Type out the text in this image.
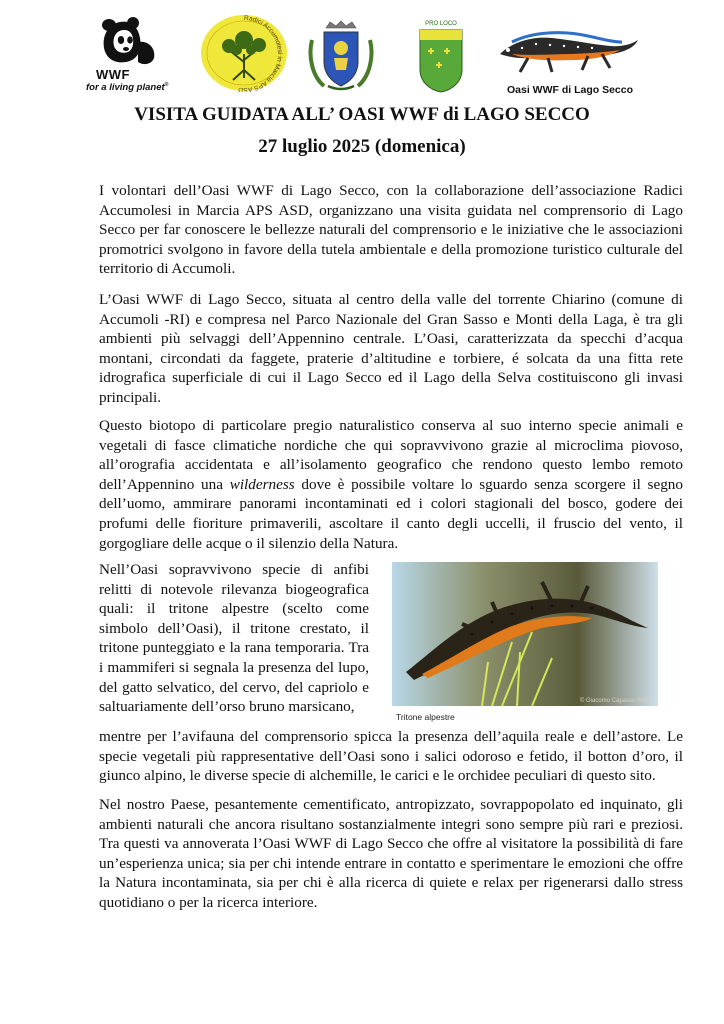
WWF
for a living planet®
Radici Accumolesi in Marcia APS ASD
PRO LOCO
Oasi WWF di Lago Secco
VISITA GUIDATA ALL’ OASI WWF di LAGO SECCO
27 luglio 2025 (domenica)

I volontari dell’Oasi WWF di Lago Secco, con la collaborazione dell’associazione Radici Accumolesi in Marcia APS ASD, organizzano una visita guidata nel comprensorio di Lago Secco per far conoscere le bellezze naturali del comprensorio e le iniziative che le associazioni promotrici svolgono in favore della tutela ambientale e della promozione turistico culturale del territorio di Accumoli.

L’Oasi WWF di Lago Secco, situata al centro della valle del torrente Chiarino (comune di Accumoli -RI) e compresa nel Parco Nazionale del Gran Sasso e Monti della Laga, è tra gli ambienti più selvaggi dell’Appennino centrale. L’Oasi, caratterizzata da specchi d’acqua montani, circondati da faggete, praterie d’altitudine e torbiere, é solcata da una fitta rete idrografica superficiale di cui il Lago Secco ed il Lago della Selva costituiscono gli invasi principali.

Questo biotopo di particolare pregio naturalistico conserva al suo interno specie animali e vegetali di fasce climatiche nordiche che qui sopravvivono grazie al microclima piovoso, all’orografia accidentata e all’isolamento geografico che rendono questo lembo remoto dell’Appennino una wilderness dove è possibile voltare lo sguardo senza scorgere il segno dell’uomo, ammirare panorami incontaminati ed i colori stagionali del bosco, godere dei profumi delle fioriture primaverili, ascoltare il canto degli uccelli, il fruscio del vento, il gorgogliare delle acque o il silenzio della Natura.

Nell’Oasi sopravvivono specie di anfibi relitti di notevole rilevanza biogeografica quali: il tritone alpestre (scelto come simbolo dell’Oasi), il tritone crestato, il tritone punteggiato e la rana temporaria. Tra i mammiferi si segnala la presenza del lupo, del gatto selvatico, del cervo, del capriolo e saltuariamente dell’orso bruno marsicano,	© Giacomo Capasso WWF
Tritone alpestre

mentre per l’avifauna del comprensorio spicca la presenza dell’aquila reale e dell’astore. Le specie vegetali più rappresentative dell’Oasi sono i salici odoroso e fetido, il botton d’oro, il giunco alpino, le diverse specie di alchemille, le carici e le orchidee peculiari di questo sito.

Nel nostro Paese, pesantemente cementificato, antropizzato, sovrappopolato ed inquinato, gli ambienti naturali che ancora risultano sostanzialmente integri sono sempre più rari e preziosi. Tra questi va annoverata l’Oasi WWF di Lago Secco che offre al visitatore la possibilità di fare un’esperienza unica; sia per chi intende entrare in contatto e sperimentare le emozioni che offre la Natura incontaminata, sia per chi è alla ricerca di quiete e relax per rigenerarsi dallo stress quotidiano o per la ricerca interiore.
